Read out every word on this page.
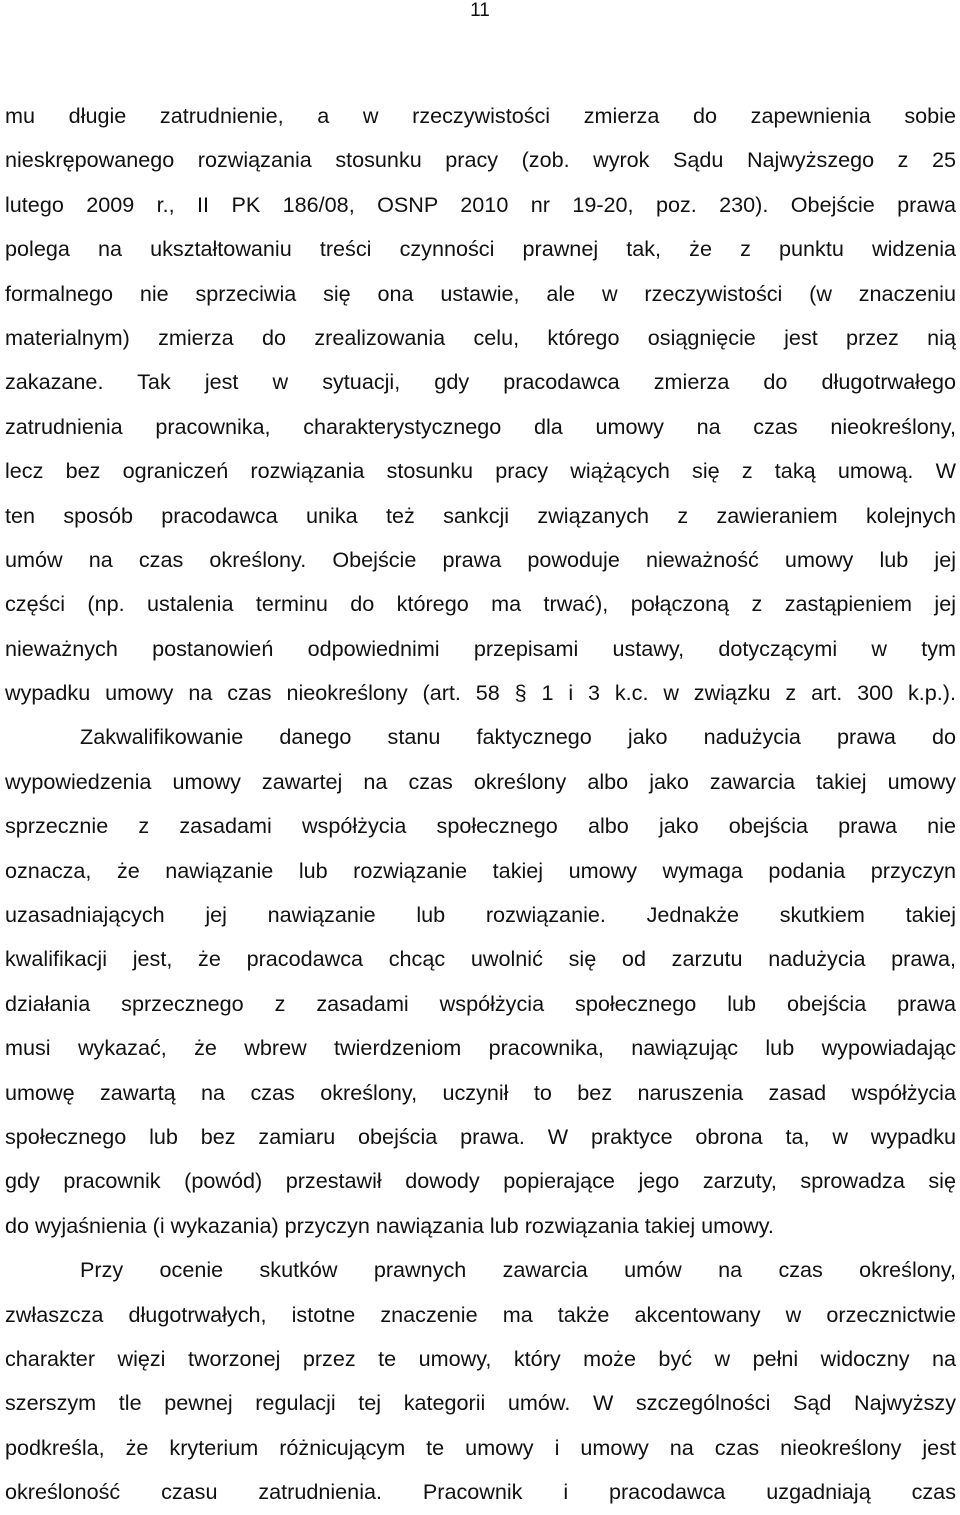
11
mu długie zatrudnienie, a w rzeczywistości zmierza do zapewnienia sobie
nieskrępowanego rozwiązania stosunku pracy (zob. wyrok Sądu Najwyższego z 25
lutego 2009 r., II PK 186/08, OSNP 2010 nr 19-20, poz. 230). Obejście prawa
polega na ukształtowaniu treści czynności prawnej tak, że z punktu widzenia
formalnego nie sprzeciwia się ona ustawie, ale w rzeczywistości (w znaczeniu
materialnym) zmierza do zrealizowania celu, którego osiągnięcie jest przez nią
zakazane. Tak jest w sytuacji, gdy pracodawca zmierza do długotrwałego
zatrudnienia pracownika, charakterystycznego dla umowy na czas nieokreślony,
lecz bez ograniczeń rozwiązania stosunku pracy wiążących się z taką umową. W
ten sposób pracodawca unika też sankcji związanych z zawieraniem kolejnych
umów na czas określony. Obejście prawa powoduje nieważność umowy lub jej
części (np. ustalenia terminu do którego ma trwać), połączoną z zastąpieniem jej
nieważnych postanowień odpowiednimi przepisami ustawy, dotyczącymi w tym
wypadku umowy na czas nieokreślony (art. 58 § 1 i 3 k.c. w związku z art. 300 k.p.).
Zakwalifikowanie danego stanu faktycznego jako nadużycia prawa do
wypowiedzenia umowy zawartej na czas określony albo jako zawarcia takiej umowy
sprzecznie z zasadami współżycia społecznego albo jako obejścia prawa nie
oznacza, że nawiązanie lub rozwiązanie takiej umowy wymaga podania przyczyn
uzasadniających jej nawiązanie lub rozwiązanie. Jednakże skutkiem takiej
kwalifikacji jest, że pracodawca chcąc uwolnić się od zarzutu nadużycia prawa,
działania sprzecznego z zasadami współżycia społecznego lub obejścia prawa
musi wykazać, że wbrew twierdzeniom pracownika, nawiązując lub wypowiadając
umowę zawartą na czas określony, uczynił to bez naruszenia zasad współżycia
społecznego lub bez zamiaru obejścia prawa. W praktyce obrona ta, w wypadku
gdy pracownik (powód) przestawił dowody popierające jego zarzuty, sprowadza się
do wyjaśnienia (i wykazania) przyczyn nawiązania lub rozwiązania takiej umowy.
Przy ocenie skutków prawnych zawarcia umów na czas określony,
zwłaszcza długotrwałych, istotne znaczenie ma także akcentowany w orzecznictwie
charakter więzi tworzonej przez te umowy, który może być w pełni widoczny na
szerszym tle pewnej regulacji tej kategorii umów. W szczególności Sąd Najwyższy
podkreśla, że kryterium różnicującym te umowy i umowy na czas nieokreślony jest
określoność czasu zatrudnienia. Pracownik i pracodawca uzgadniają czas
